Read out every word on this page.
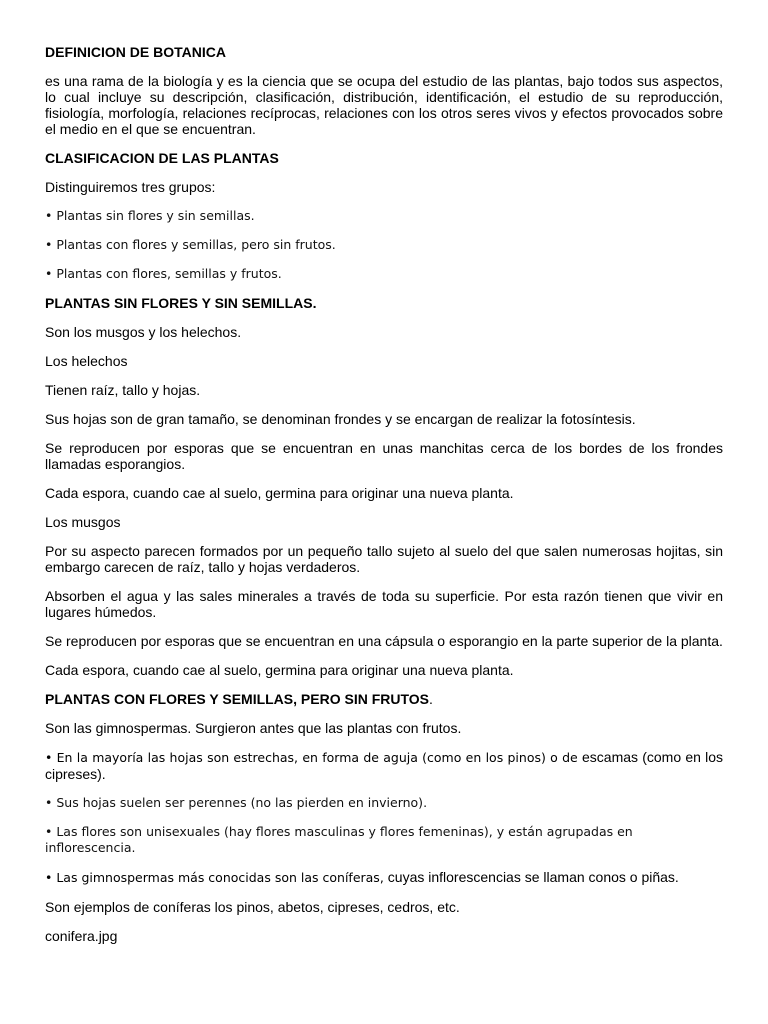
DEFINICION DE BOTANICA
es una rama de la biología y es la ciencia que se ocupa del estudio de las plantas, bajo todos sus aspectos, lo cual incluye su descripción, clasificación, distribución, identificación, el estudio de su reproducción, fisiología, morfología, relaciones recíprocas, relaciones con los otros seres vivos y efectos provocados sobre el medio en el que se encuentran.
CLASIFICACION DE LAS PLANTAS
Distinguiremos tres grupos:
• Plantas sin flores y sin semillas.
• Plantas con flores y semillas, pero sin frutos.
• Plantas con flores, semillas y frutos.
PLANTAS SIN FLORES Y SIN SEMILLAS.
Son los musgos y los helechos.
Los helechos
Tienen raíz, tallo y hojas.
Sus hojas son de gran tamaño, se denominan frondes y se encargan de realizar la fotosíntesis.
Se reproducen por esporas que se encuentran en unas manchitas cerca de los bordes de los frondes llamadas esporangios.
Cada espora, cuando cae al suelo, germina para originar una nueva planta.
Los musgos
Por su aspecto parecen formados por un pequeño tallo sujeto al suelo del que salen numerosas hojitas, sin embargo carecen de raíz, tallo y hojas verdaderos.
Absorben el agua y las sales minerales a través de toda su superficie. Por esta razón tienen que vivir en lugares húmedos.
Se reproducen por esporas que se encuentran en una cápsula o esporangio en la parte superior de la planta.
Cada espora, cuando cae al suelo, germina para originar una nueva planta.
PLANTAS CON FLORES Y SEMILLAS, PERO SIN FRUTOS.
Son las gimnospermas. Surgieron antes que las plantas con frutos.
• En la mayoría las hojas son estrechas, en forma de aguja (como en los pinos) o de escamas (como en los cipreses).
• Sus hojas suelen ser perennes (no las pierden en invierno).
• Las flores son unisexuales (hay flores masculinas y flores femeninas), y están agrupadas en inflorescencia.
• Las gimnospermas más conocidas son las coníferas, cuyas inflorescencias se llaman conos o piñas.
Son ejemplos de coníferas los pinos, abetos, cipreses, cedros, etc.
conifera.jpg
